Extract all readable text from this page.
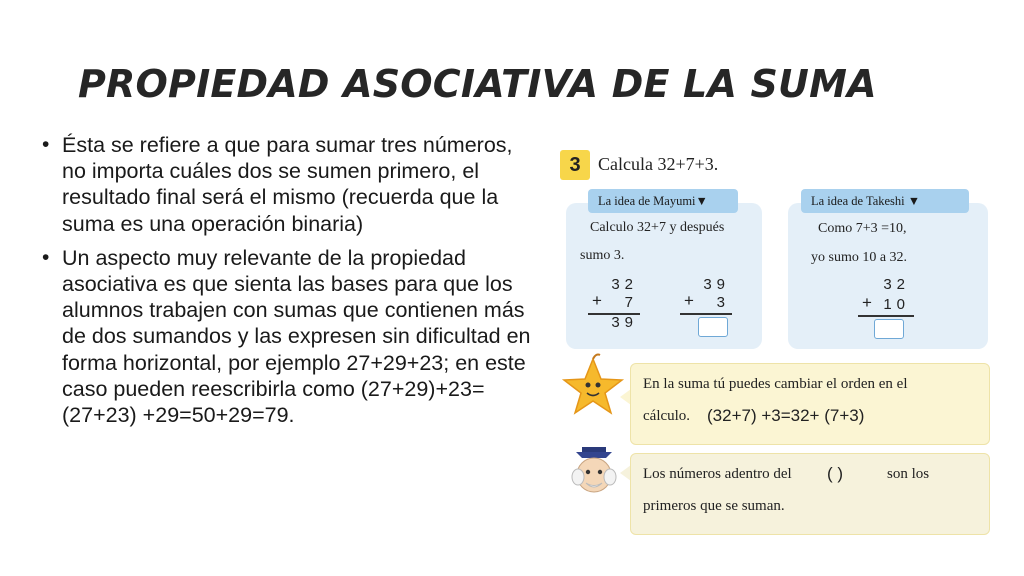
PROPIEDAD ASOCIATIVA DE LA SUMA
• Ésta se refiere a que para sumar tres números, no importa cuáles dos se sumen primero, el resultado final será el mismo (recuerda que la suma es una operación binaria)
• Un aspecto muy relevante de la propiedad asociativa es que sienta las bases para que los alumnos trabajen con sumas que contienen más de dos sumandos y las expresen sin dificultad en forma horizontal, por ejemplo 27+29+23; en este caso pueden reescribirla como (27+29)+23=(27+23) +29=50+29=79.
3 Calcula 32+7+3.
La idea de Mayumi▼
Calculo 32+7 y después
sumo 3.
32
+	7
39
39
+	3
La idea de Takeshi ▼
Como 7+3 =10,
yo sumo 10 a 32.
32
+ 10
En la suma tú puedes cambiar el orden en el
cálculo. (32+7) +3=32+ (7+3)
Los números adentro del ( )	son los
primeros que se suman.
